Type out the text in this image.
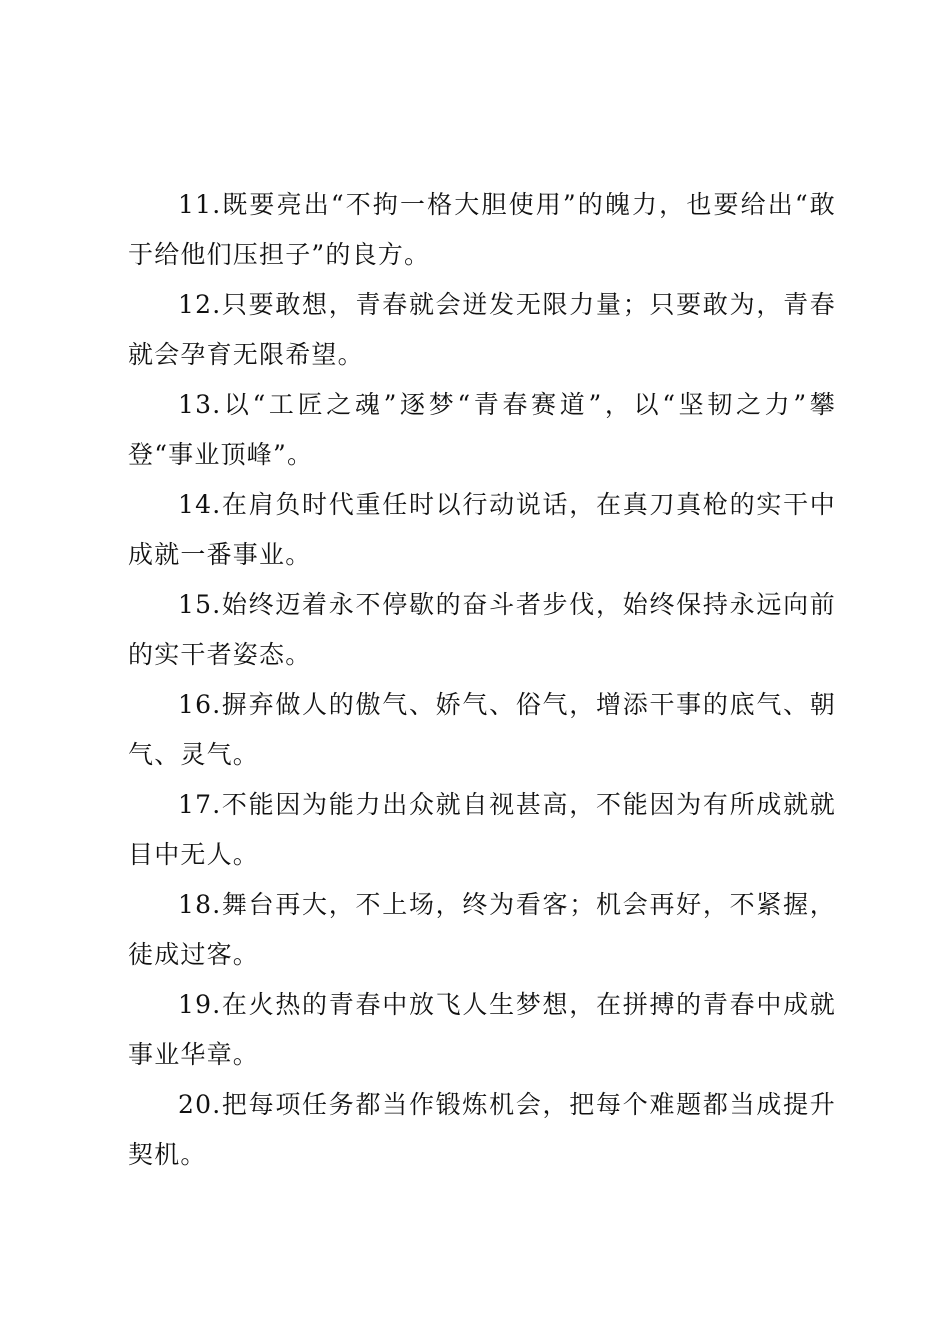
11.既要亮出“不拘一格大胆使用”的魄力，也要给出“敢于给他们压担子”的良方。

12.只要敢想，青春就会迸发无限力量；只要敢为，青春就会孕育无限希望。

13.以“工匠之魂”逐梦“青春赛道”，以“坚韧之力”攀登“事业顶峰”。

14.在肩负时代重任时以行动说话，在真刀真枪的实干中成就一番事业。

15.始终迈着永不停歇的奋斗者步伐，始终保持永远向前的实干者姿态。

16.摒弃做人的傲气、娇气、俗气，增添干事的底气、朝气、灵气。

17.不能因为能力出众就自视甚高，不能因为有所成就就目中无人。

18.舞台再大，不上场，终为看客；机会再好，不紧握，徒成过客。

19.在火热的青春中放飞人生梦想，在拼搏的青春中成就事业华章。

20.把每项任务都当作锻炼机会，把每个难题都当成提升契机。
